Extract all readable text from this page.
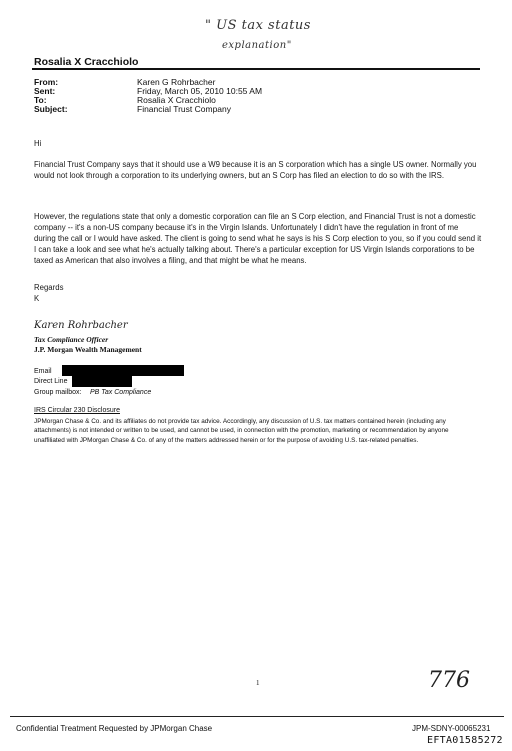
" US tax status
explanation"
Rosalia X Cracchiolo
From:	Karen G Rohrbacher
Sent:	Friday, March 05, 2010 10:55 AM
To:	Rosalia X Cracchiolo
Subject:	Financial Trust Company
Hi
Financial Trust Company says that it should use a W9 because it is an S corporation which has a single US owner. Normally you would not look through a corporation to its underlying owners, but an S Corp has filed an election to do so with the IRS.
However, the regulations state that only a domestic corporation can file an S Corp election, and Financial Trust is not a domestic company -- it's a non-US company because it's in the Virgin Islands. Unfortunately I didn't have the regulation in front of me during the call or I would have asked. The client is going to send what he says is his S Corp election to you, so if you could send it I can take a look and see what he's actually talking about. There's a particular exception for US Virgin Islands corporations to be taxed as American that also involves a filing, and that might be what he means.
Regards
K
Karen Rohrbacher
Tax Compliance Officer
J.P. Morgan Wealth Management
Email
Direct Line
Group mailbox: PB Tax Compliance
IRS Circular 230 Disclosure
JPMorgan Chase & Co. and its affiliates do not provide tax advice. Accordingly, any discussion of U.S. tax matters contained herein (including any attachments) is not intended or written to be used, and cannot be used, in connection with the promotion, marketing or recommendation by anyone unaffiliated with JPMorgan Chase & Co. of any of the matters addressed herein or for the purpose of avoiding U.S. tax-related penalties.
1	776
Confidential Treatment Requested by JPMorgan Chase	JPM-SDNY-00065231
EFTA01585272
